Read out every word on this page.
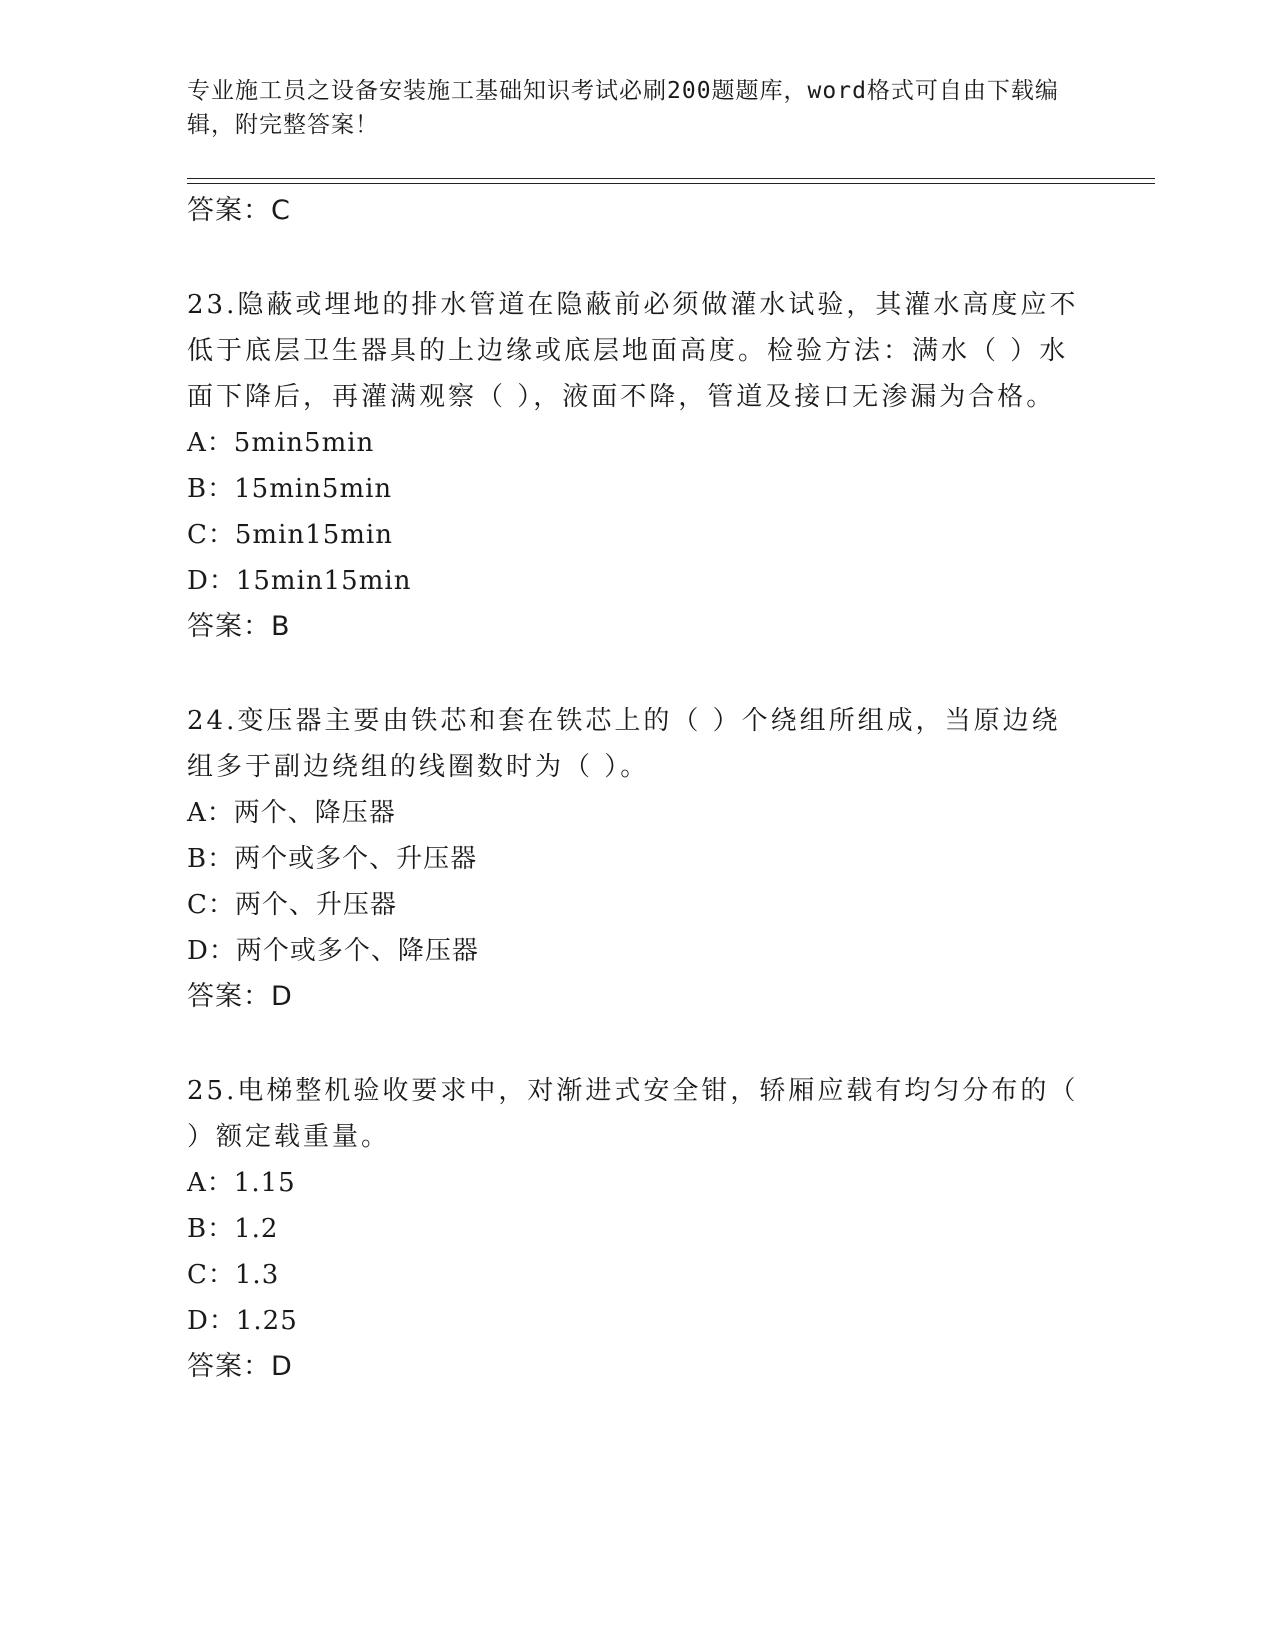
专业施工员之设备安装施工基础知识考试必刷200题题库，word格式可自由下载编辑，附完整答案！

答案：C

23.隐蔽或埋地的排水管道在隐蔽前必须做灌水试验，其灌水高度应不低于底层卫生器具的上边缘或底层地面高度。检验方法：满水（ ）水面下降后，再灌满观察（ ），液面不降，管道及接口无渗漏为合格。

A：5min5min

B：15min5min

C：5min15min

D：15min15min

答案：B

24.变压器主要由铁芯和套在铁芯上的（ ）个绕组所组成，当原边绕组多于副边绕组的线圈数时为（ ）。

A：两个、降压器

B：两个或多个、升压器

C：两个、升压器

D：两个或多个、降压器

答案：D

25.电梯整机验收要求中，对渐进式安全钳，轿厢应载有均匀分布的（ ）额定载重量。

A：1.15

B：1.2

C：1.3

D：1.25

答案：D
